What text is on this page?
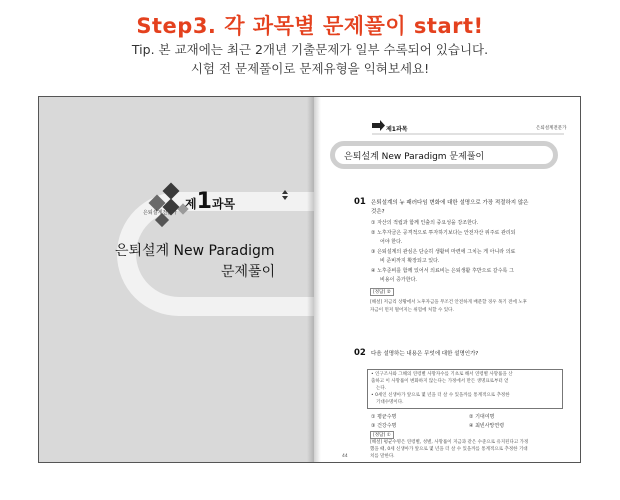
Step3. 각 과목별 문제풀이 start!
Tip. 본 교재에는 최근 2개년 기출문제가 일부 수록되어 있습니다.
시험 전 문제풀이로 문제유형을 익혀보세요!
제1과목
은퇴설계전문가
은퇴설계 New Paradigm
문제풀이
제1과목	은퇴설계전문가
은퇴설계 New Paradigm 문제풀이
01 은퇴설계의 뉴 패러다임 변화에 대한 설명으로 가장 적절하지 않은
것은?
① 자산의 적립과 함께 인출의 중요성을 강조한다.
② 노후자금은 공격적으로 투자하기보다는 안전자산 위주로 관리되
어야 한다.
③ 은퇴설계의 관심은 단순히 생활비 마련에 그치는 게 아니라 의료
비 준비까지 확장되고 있다.
④ 노후준비를 함께 있어서 의료비는 은퇴생활 후반으로 갈수록 그
비용이 증가한다.
[정답] ②
[해설] 저금리 상황에서 노후자금을 무조건 안전하게 배분할 경우 목기 전에 노후
자금이 먼저 떨어지는 위험에 처할 수 있다.
02 다음 설명하는 내용은 무엇에 대한 설명인가?
• 인구조사와 그해의 연령별 사망자수를 기초로 해서 연령별 사망률을 산
출하고 이 사망률이 변화하지 않는다는 가정에서 만든 생명표로부터 얻
는다.
• 0세인 신생아가 앞으로 몇 년을 더 살 수 있을까를 통계적으로 추정한
기대수명이다.
① 평균수명	② 기대여명
③ 건강수명	④ 최빈사망연령
[정답] ①
[해설] 평균수명은 연령별, 성별, 사망률이 지금과 같은 수준으로 유지된다고 가정
했을 때, 0세 신생아가 앞으로 몇 년을 더 살 수 있을까를 통계적으로 추정한 기대
치를 말한다.
44
